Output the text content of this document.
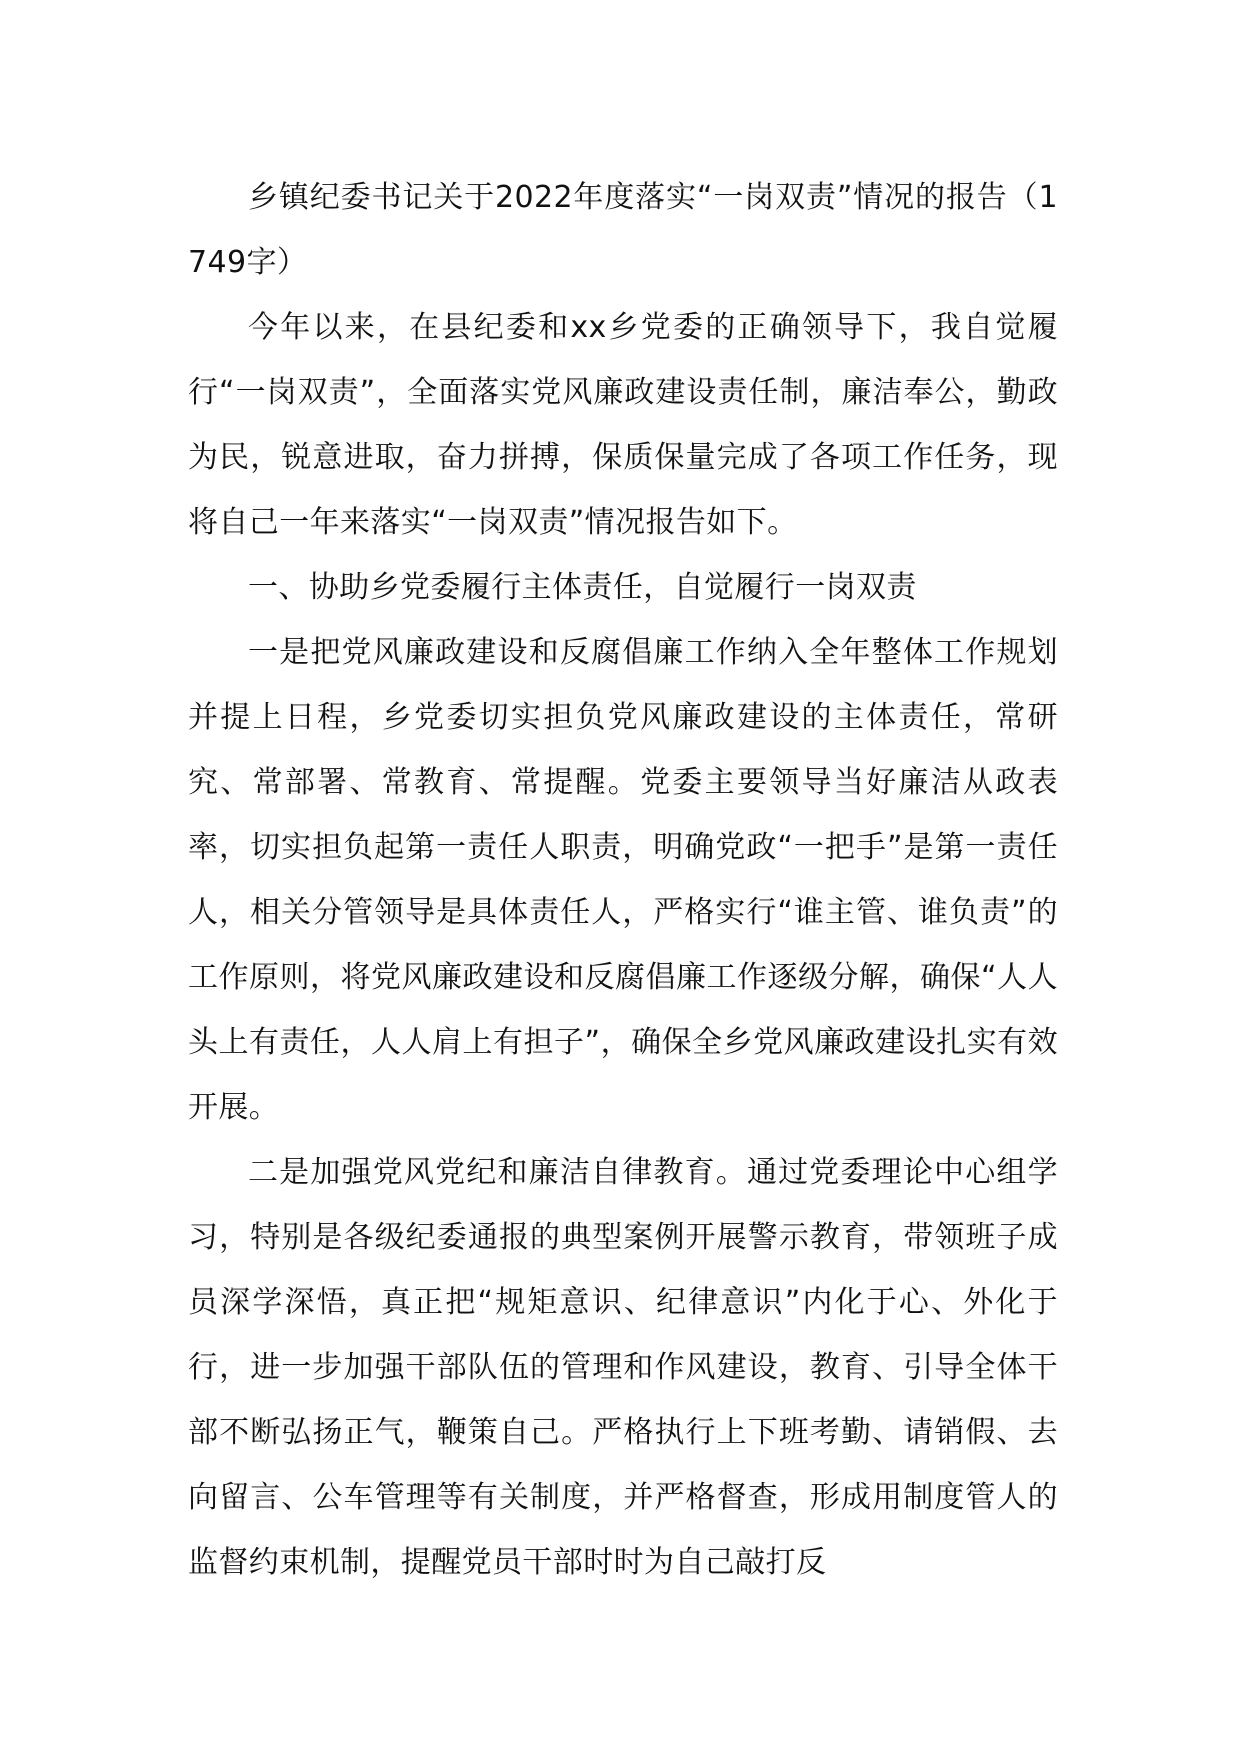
乡镇纪委书记关于2022年度落实“一岗双责”情况的报告（1749字）

今年以来，在县纪委和xx乡党委的正确领导下，我自觉履行“一岗双责”，全面落实党风廉政建设责任制，廉洁奉公，勤政为民，锐意进取，奋力拼搏，保质保量完成了各项工作任务，现将自己一年来落实“一岗双责”情况报告如下。

一、协助乡党委履行主体责任，自觉履行一岗双责

一是把党风廉政建设和反腐倡廉工作纳入全年整体工作规划并提上日程，乡党委切实担负党风廉政建设的主体责任，常研究、常部署、常教育、常提醒。党委主要领导当好廉洁从政表率，切实担负起第一责任人职责，明确党政“一把手”是第一责任人，相关分管领导是具体责任人，严格实行“谁主管、谁负责”的工作原则，将党风廉政建设和反腐倡廉工作逐级分解，确保“人人头上有责任，人人肩上有担子”，确保全乡党风廉政建设扎实有效开展。

二是加强党风党纪和廉洁自律教育。通过党委理论中心组学习，特别是各级纪委通报的典型案例开展警示教育，带领班子成员深学深悟，真正把“规矩意识、纪律意识”内化于心、外化于行，进一步加强干部队伍的管理和作风建设，教育、引导全体干部不断弘扬正气，鞭策自己。严格执行上下班考勤、请销假、去向留言、公车管理等有关制度，并严格督查，形成用制度管人的监督约束机制，提醒党员干部时时为自己敲打反
